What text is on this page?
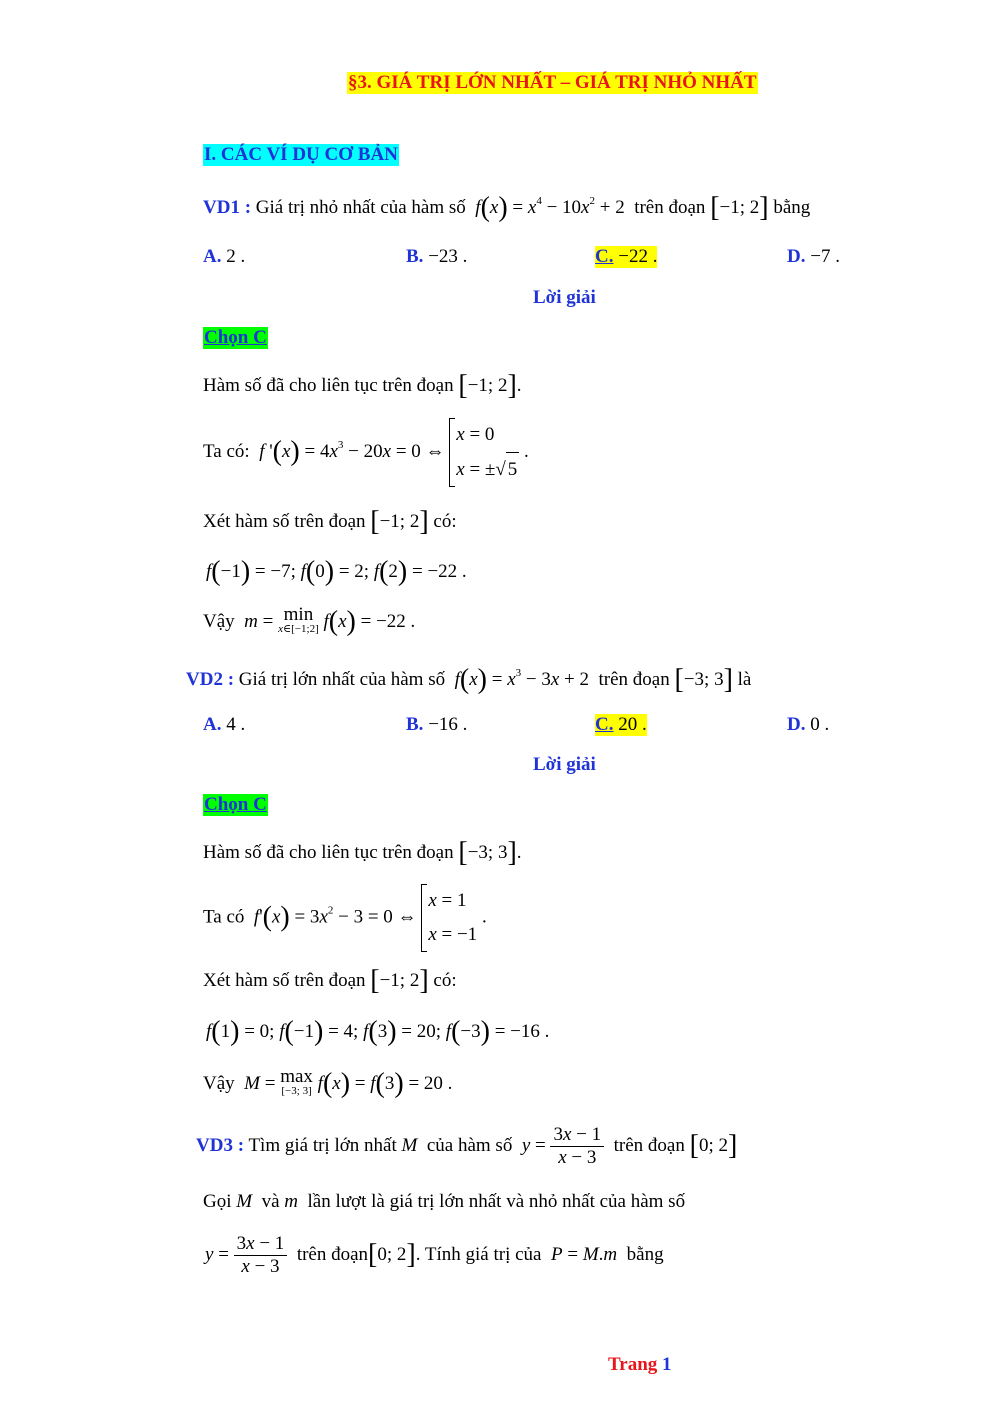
§3. GIÁ TRỊ LỚN NHẤT – GIÁ TRỊ NHỎ NHẤT
I. CÁC VÍ DỤ CƠ BẢN
VD1 : Giá trị nhỏ nhất của hàm số $f(x) = x^4 - 10x^2 + 2$  trên đoạn [−1; 2] bằng
A. 2 .	B. −23 .	C. −22 .	D. −7 .
Lời giải
Chọn C
Hàm số đã cho liên tục trên đoạn [−1; 2].
Ta có: f '$(x) = 4x^3 - 20x = 0$ ⇔ x = 0
x = ±√ 5 .
Xét hàm số trên đoạn [−1; 2] có:
f(−1) = −7; f(0) = 2; f(2) = −22 .
Vậy m = min
x∈[−1;2] f(x) = −22 .
VD2 : Giá trị lớn nhất của hàm số $f(x) = x^3 - 3x + 2$  trên đoạn [−3; 3] là
A. 4 .	B. −16 .	C. 20 .	D. 0 .
Lời giải
Chọn C
Hàm số đã cho liên tục trên đoạn [−3; 3].
Ta có $f'(x) = 3x^2 - 3 = 0$ ⇔ x = 1
x = −1 .
Xét hàm số trên đoạn [−1; 2] có:
f(1) = 0; f(−1) = 4; f(3) = 20; f(−3) = −16 .
Vậy M = max
[−3; 3] f(x) = f(3) = 20 .
VD3 : Tìm giá trị lớn nhất M của hàm số $y = \frac{3x - 1}{x - 3}$ trên đoạn [0; 2]
Gọi M và m lần lượt là giá trị lớn nhất và nhỏ nhất của hàm số
$y = \frac{3x - 1}{x - 3}$ trên đoạn[0; 2]. Tính giá trị của P = M.m bằng
Trang 1
